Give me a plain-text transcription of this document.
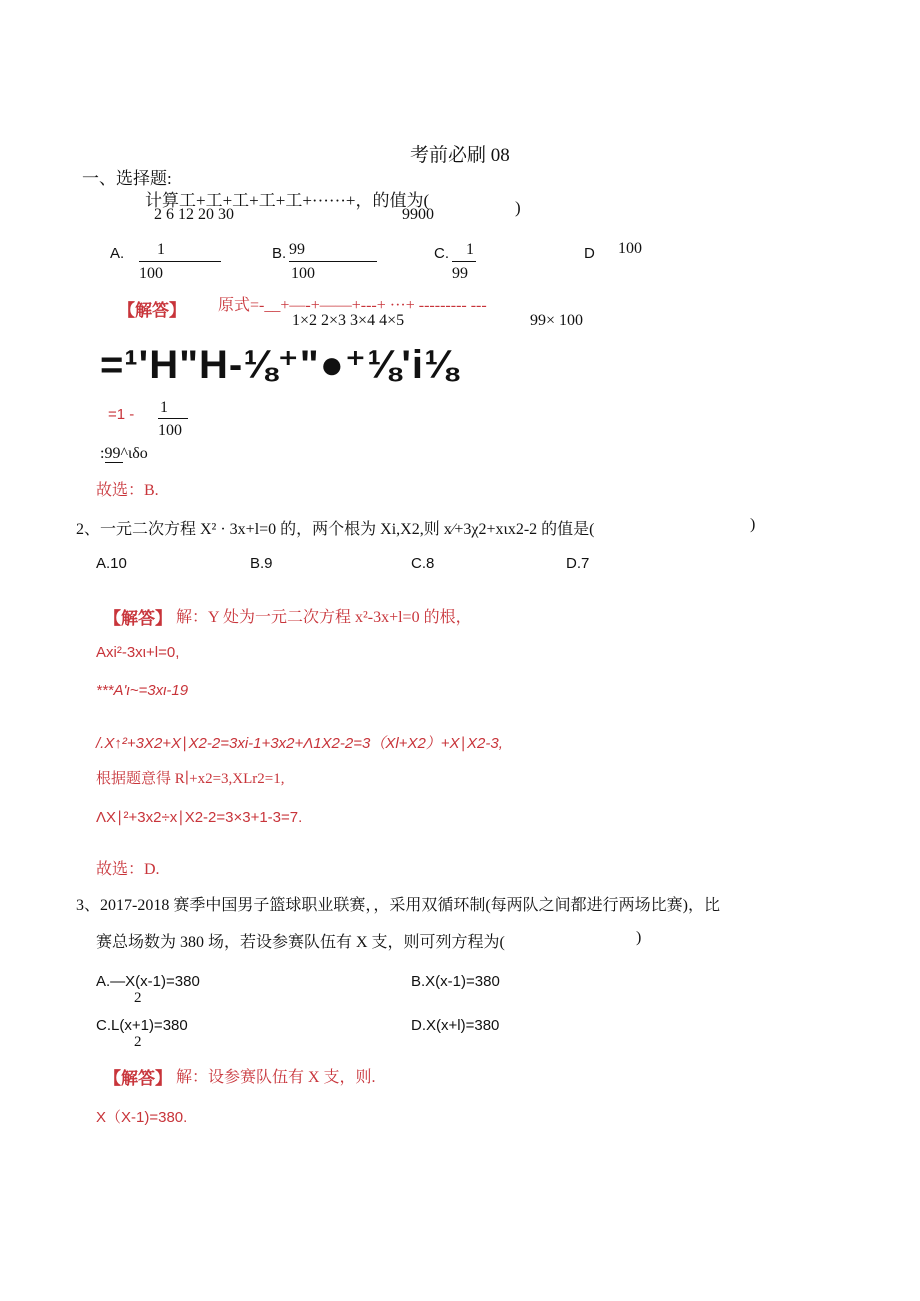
考前必刷 08
一、选择题:
计算工+工+工+工+工+······+，的值为(
2 6 12 20 30	9900	)
A. 1
100
B. 99
100
C. 1
99
D 100
【解答】 原式=-__+—-+——+---+ ···+ --------- ---
1×2 2×3 3×4 4×5	99× 100
=¹'H"H-⅛⁺"●⁺⅛'i⅛
=1 - 1
100
:99^ιδo
故选：B.
2、一元二次方程 X² · 3x+l=0 的，两个根为 Xi,X2,则 x⁄+3χ2+xιx2-2 的值是(	)
A.10	B.9	C.8	D.7
【解答】 解：Y 处为一元二次方程 x²-3x+l=0 的根，
Axi²-3xι+l=0,
***A'ι~=3xι-19
/.X↑²+3X2+X∣X2-2=3xi-1+3x2+Λ1X2-2=3（Xl+X2）+X∣X2-3,
根据题意得 R∣+x2=3,XLr2=1,
ΛX∣²+3x2÷x∣X2-2=3×3+1-3=7.
故选：D.
3、2017-2018 赛季中国男子篮球职业联赛，，采用双循环制(每两队之间都进行两场比赛)，比
赛总场数为 380 场，若设参赛队伍有 X 支，则可列方程为(	)
A.—X(x-1)=380
2
B.X(x-1)=380
C.L(x+1)=380
2
D.X(x+l)=380
【解答】 解：设参赛队伍有 X 支，则.
X（X-1)=380.
